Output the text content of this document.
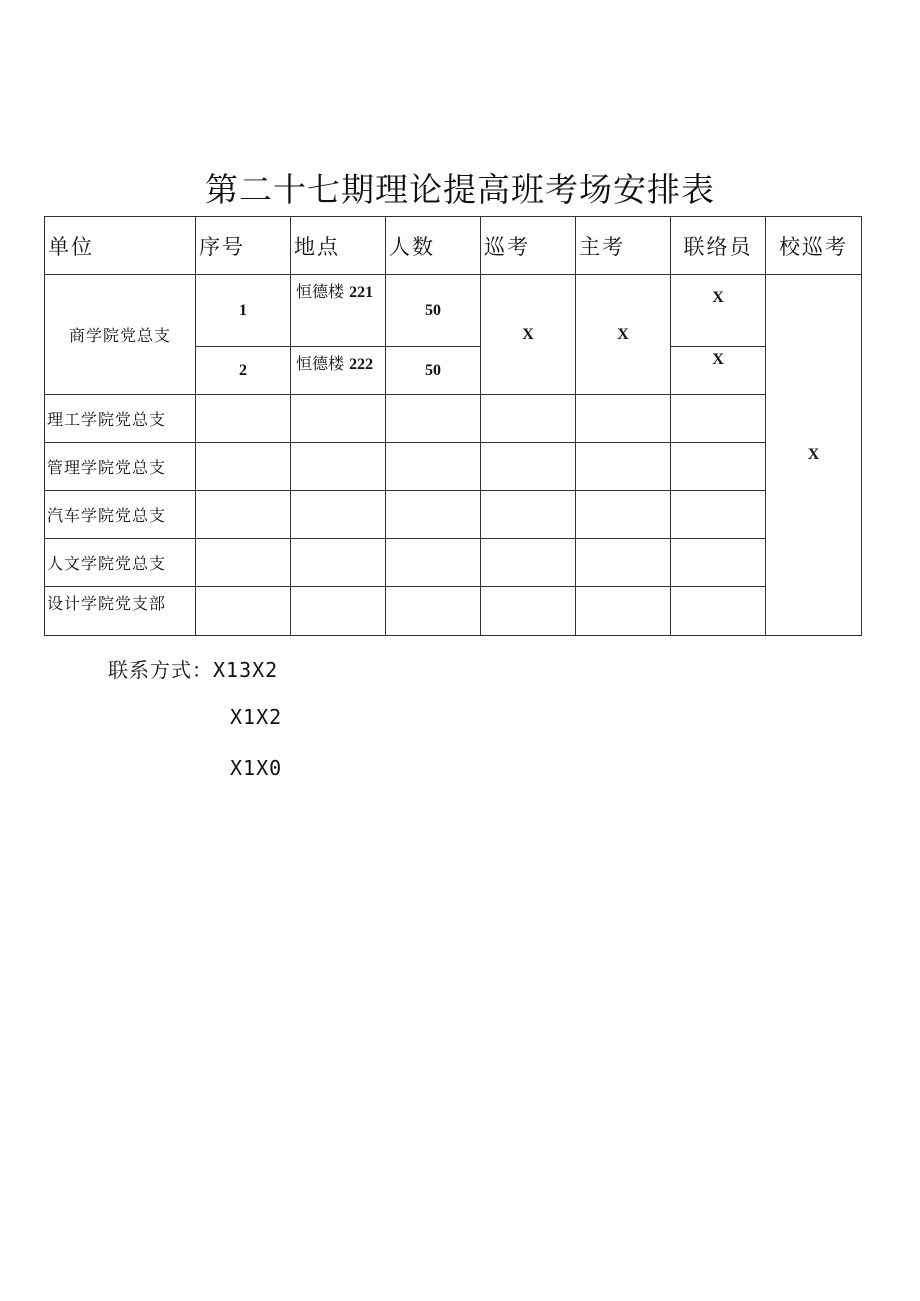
第二十七期理论提高班考场安排表
单位	序号	地点	人数	巡考	主考	联络员	校巡考
商学院党总支	1	恒德楼 221	50	X	X	X	X
	2	恒德楼 222	50			X	
理工学院党总支							
管理学院党总支							
汽车学院党总支							
人文学院党总支							
设计学院党支部							
联系方式：X13X2
X1X2
X1X0
